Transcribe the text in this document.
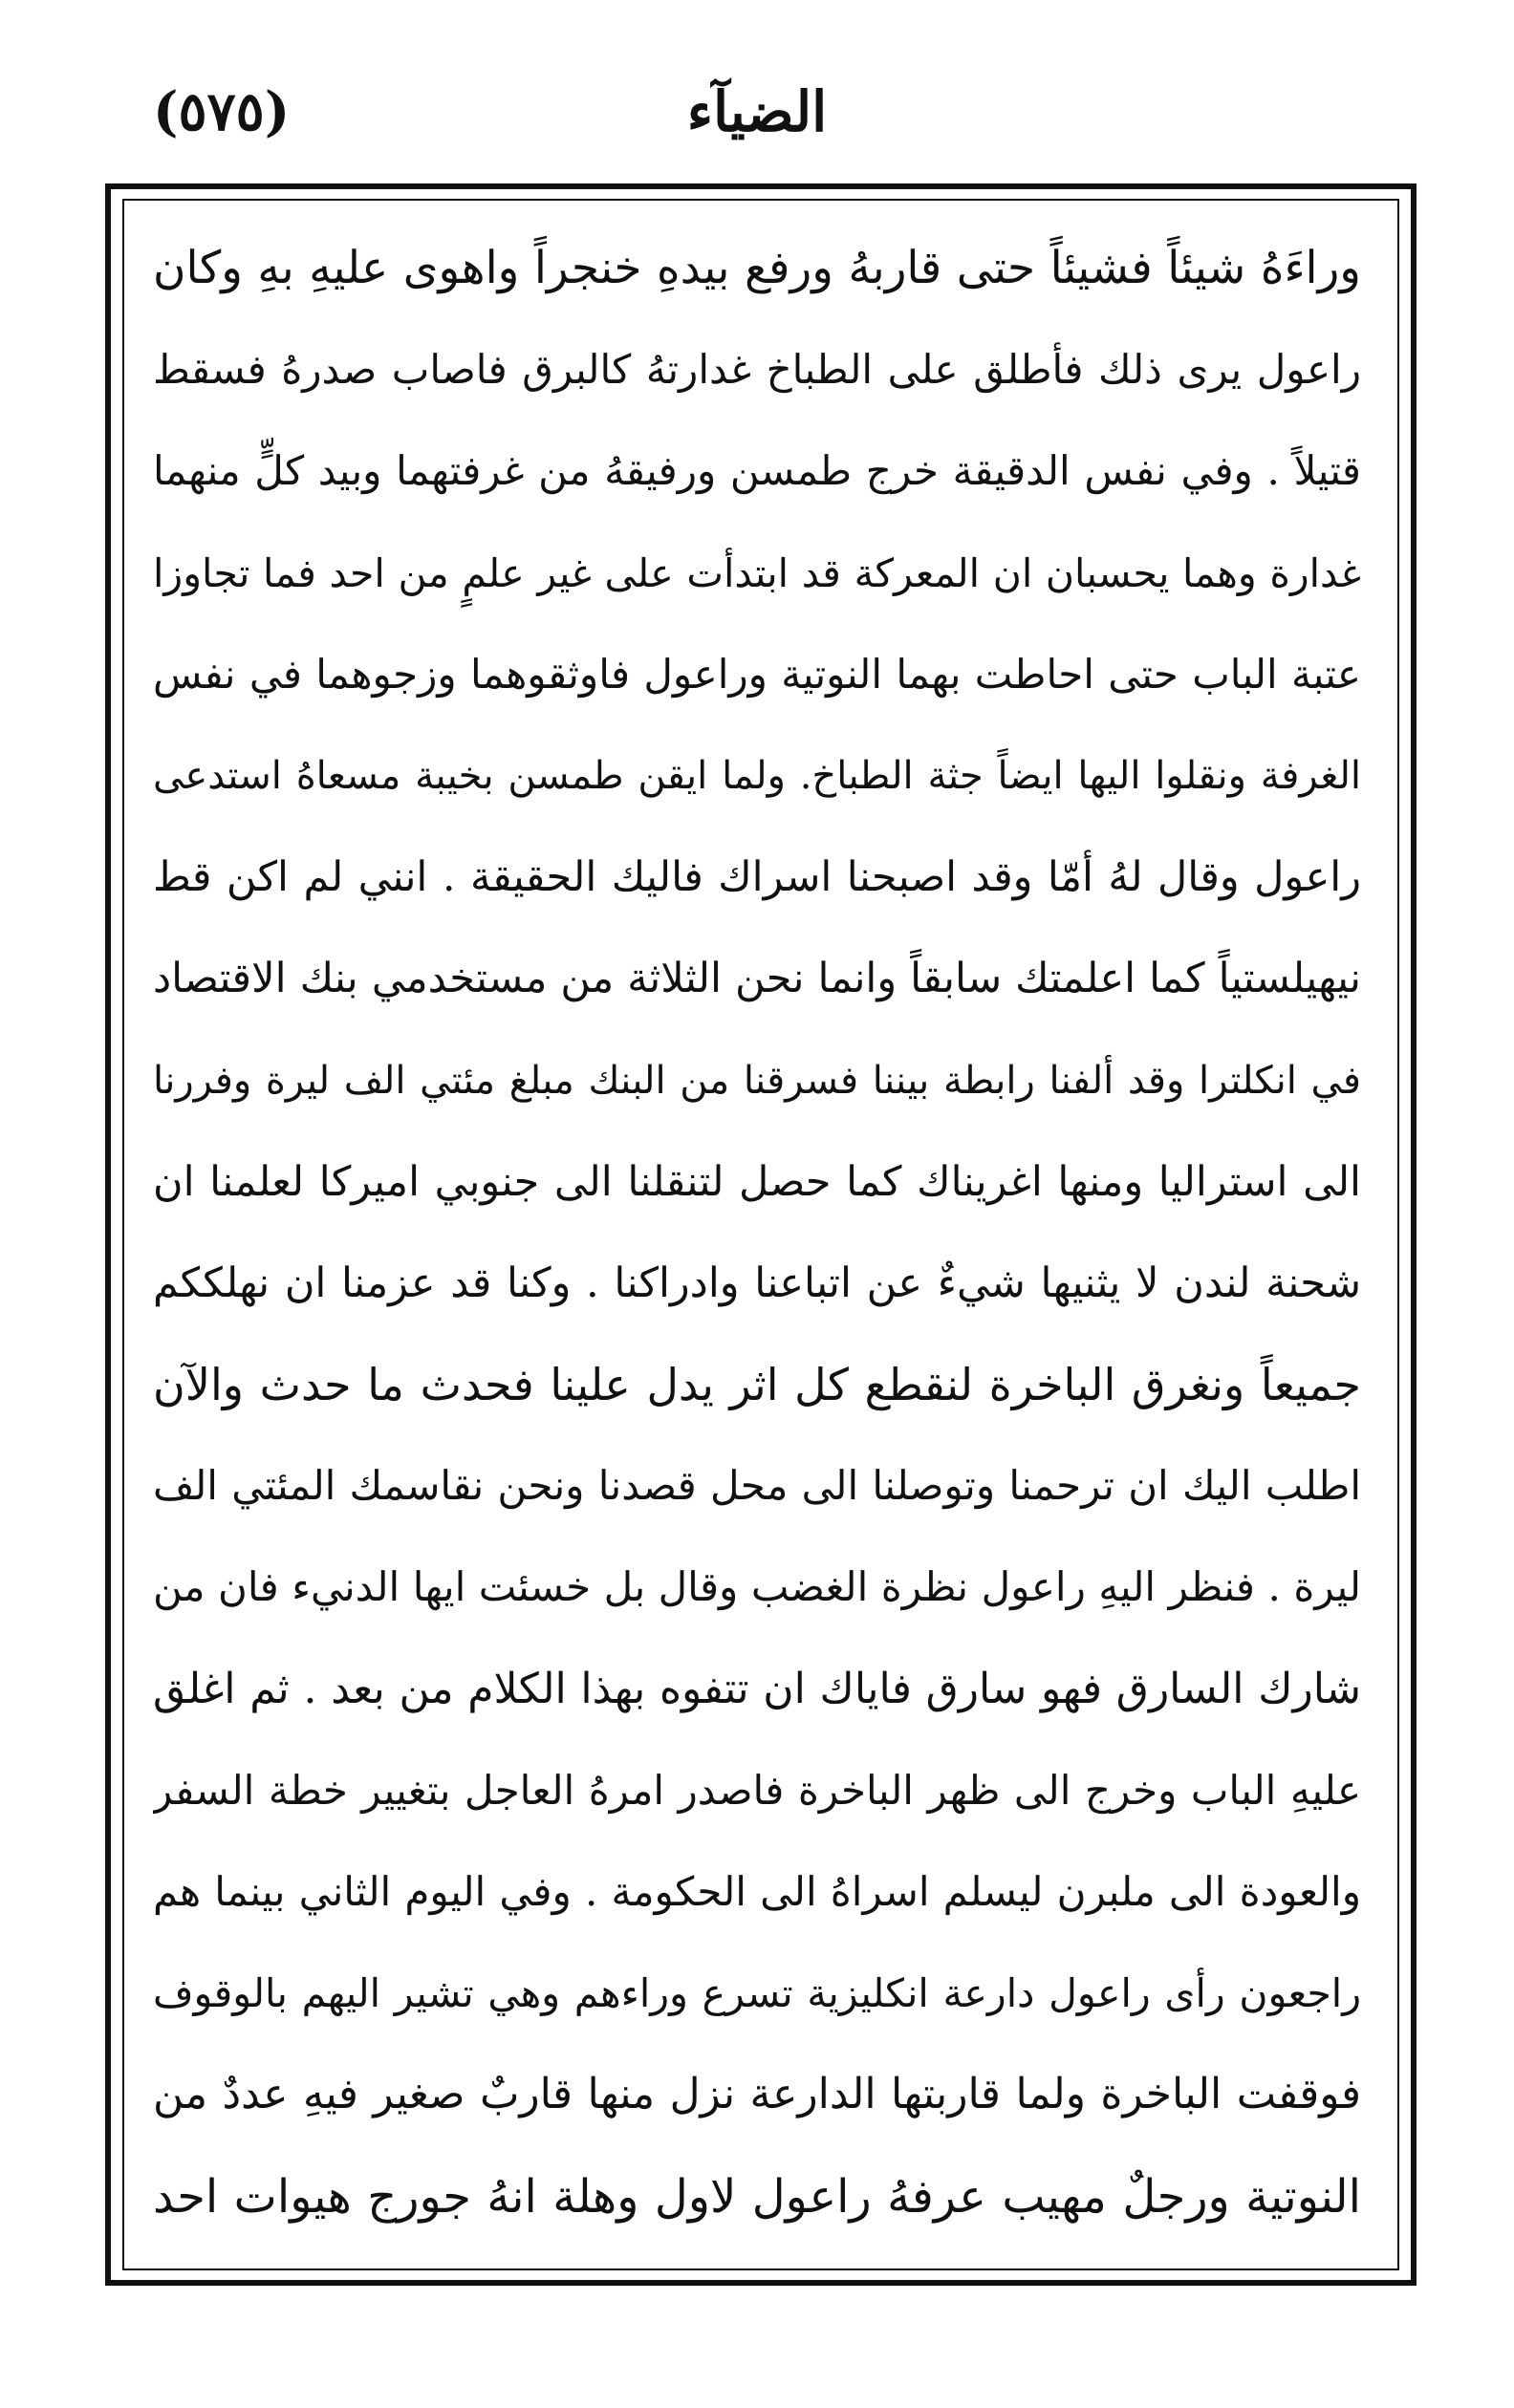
الضيآء
(٥٧٥)
وراءَهُ شيئاً فشيئاً حتى قاربهُ ورفع بيدهِ خنجراً واهوى عليهِ بهِ وكان
راعول يرى ذلك فأطلق على الطباخ غدارتهُ كالبرق فاصاب صدرهُ فسقط
قتيلاً . وفي نفس الدقيقة خرج طمسن ورفيقهُ من غرفتهما وبيد كلٍّ منهما
غدارة وهما يحسبان ان المعركة قد ابتدأت على غير علمٍ من احد فما تجاوزا
عتبة الباب حتى احاطت بهما النوتية وراعول فاوثقوهما وزجوهما في نفس
الغرفة ونقلوا اليها ايضاً جثة الطباخ. ولما ايقن طمسن بخيبة مسعاهُ استدعى
راعول وقال لهُ أمّا وقد اصبحنا اسراك فاليك الحقيقة . انني لم اكن قط
نيهيلستياً كما اعلمتك سابقاً وانما نحن الثلاثة من مستخدمي بنك الاقتصاد
في انكلترا وقد ألفنا رابطة بيننا فسرقنا من البنك مبلغ مئتي الف ليرة وفررنا
الى استراليا ومنها اغريناك كما حصل لتنقلنا الى جنوبي اميركا لعلمنا ان
شحنة لندن لا يثنيها شيءٌ عن اتباعنا وادراكنا . وكنا قد عزمنا ان نهلككم
جميعاً ونغرق الباخرة لنقطع كل اثر يدل علينا فحدث ما حدث والآن
اطلب اليك ان ترحمنا وتوصلنا الى محل قصدنا ونحن نقاسمك المئتي الف
ليرة . فنظر اليهِ راعول نظرة الغضب وقال بل خسئت ايها الدنيء فان من
شارك السارق فهو سارق فاياك ان تتفوه بهذا الكلام من بعد . ثم اغلق
عليهِ الباب وخرج الى ظهر الباخرة فاصدر امرهُ العاجل بتغيير خطة السفر
والعودة الى ملبرن ليسلم اسراهُ الى الحكومة . وفي اليوم الثاني بينما هم
راجعون رأى راعول دارعة انكليزية تسرع وراءهم وهي تشير اليهم بالوقوف
فوقفت الباخرة ولما قاربتها الدارعة نزل منها قاربٌ صغير فيهِ عددٌ من
النوتية ورجلٌ مهيب عرفهُ راعول لاول وهلة انهُ جورج هيوات احد
